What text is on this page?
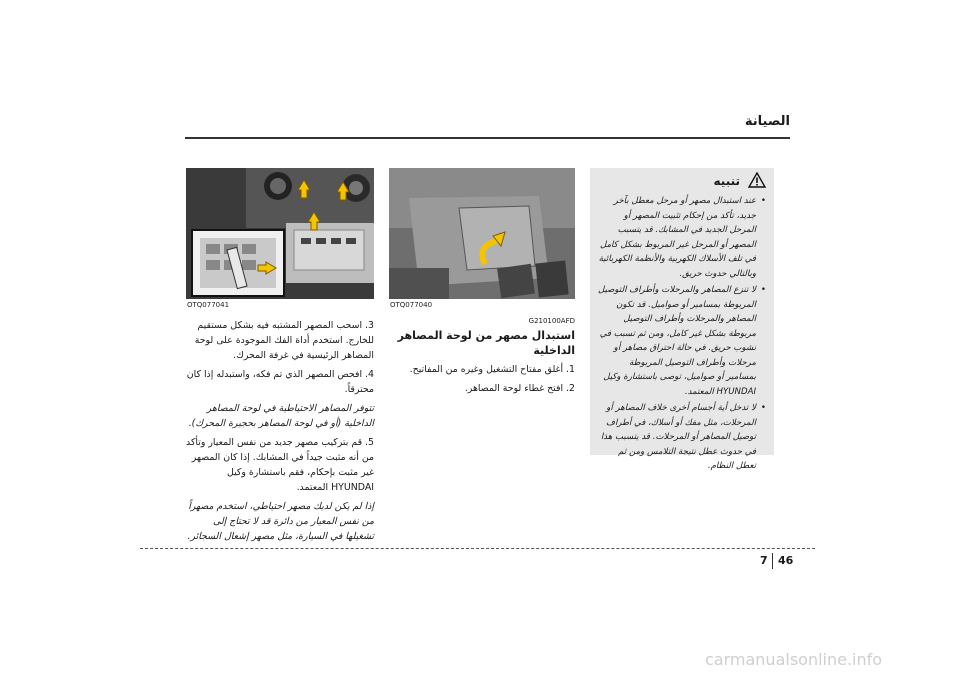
الصيانة
OTQ077041	OTQ077040
G210100AFD
استبدال مصهر من لوحة المصاهر الداخلية

1. أغلق مفتاح التشغيل وغيره من المفاتيح.

2. افتح غطاء لوحة المصاهر.

3. اسحب المصهر المشتبه فيه بشكل مستقيم للخارج. استخدم أداة الفك الموجودة على لوحة المصاهر الرئيسية في غرفة المحرك.

4. افحص المصهر الذي تم فكه، واستبدله إذا كان محترقاً.

تتوفر المصاهر الاحتياطية في لوحة المصاهر الداخلية (أو في لوحة المصاهر بحجيرة المحرك).

5. قم بتركيب مصهر جديد من نفس المعيار وتأكد من أنه مثبت جيداً في المشابك. إذا كان المصهر غير مثبت بإحكام، فقم باستشارة وكيل HYUNDAI المعتمد.

إذا لم يكن لديك مصهر احتياطي، استخدم مصهراً من نفس المعيار من دائرة قد لا تحتاج إلى تشغيلها في السيارة، مثل مصهر إشعال السجائر.

تنبيه
• عند استبدال مصهر أو مرحل معطل بآخر جديد، تأكد من إحكام تثبيت المصهر أو المرحل الجديد في المشابك. قد يتسبب المصهر أو المرحل غير المربوط بشكل كامل في تلف الأسلاك الكهربية والأنظمة الكهربائية وبالتالي حدوث حريق.
• لا تنزع المصاهر والمرحلات وأطراف التوصيل المربوطة بمسامير أو صواميل. قد تكون المصاهر والمرحلات وأطراف التوصيل مربوطة بشكل غير كامل، ومن ثم تسبب في نشوب حريق. في حالة احتراق مصاهر أو مرحلات وأطراف التوصيل المربوطة بمسامير أو صواميل، توصى باستشارة وكيل HYUNDAI المعتمد.
• لا تدخل أية أجسام أخرى خلاف المصاهر أو المرحلات، مثل مفك أو أسلاك، في أطراف توصيل المصاهر أو المرحلات. قد يتسبب هذا في حدوث عطل نتيجة التلامس ومن ثم تعطل النظام.
7 46
carmanualsonline.info
